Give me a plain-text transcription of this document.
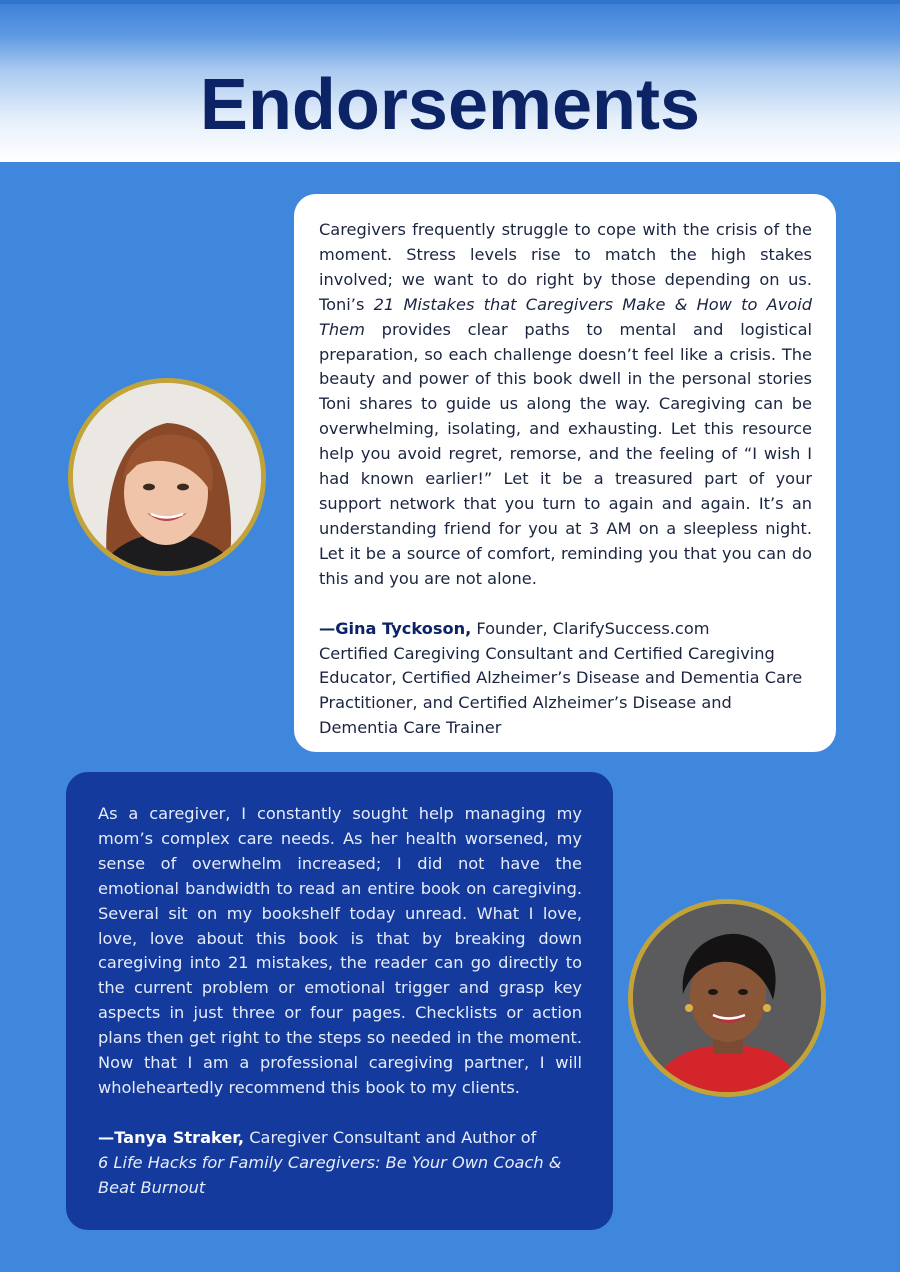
Endorsements

Caregivers frequently struggle to cope with the crisis of the moment. Stress levels rise to match the high stakes involved; we want to do right by those depending on us. Toni’s 21 Mistakes that Caregivers Make & How to Avoid Them provides clear paths to mental and logistical preparation, so each challenge doesn’t feel like a crisis. The beauty and power of this book dwell in the personal stories Toni shares to guide us along the way. Caregiving can be overwhelming, isolating, and exhausting. Let this resource help you avoid regret, remorse, and the feeling of “I wish I had known earlier!” Let it be a treasured part of your support network that you turn to again and again. It’s an understanding friend for you at 3 AM on a sleepless night. Let it be a source of comfort, reminding you that you can do this and you are not alone.

—Gina Tyckoson, Founder, ClarifySuccess.com
Certified Caregiving Consultant and Certified Caregiving Educator, Certified Alzheimer’s Disease and Dementia Care Practitioner, and Certified Alzheimer’s Disease and Dementia Care Trainer

As a caregiver, I constantly sought help managing my mom’s complex care needs. As her health worsened, my sense of overwhelm increased; I did not have the emotional bandwidth to read an entire book on caregiving. Several sit on my bookshelf today unread. What I love, love, love about this book is that by breaking down caregiving into 21 mistakes, the reader can go directly to the current problem or emotional trigger and grasp key aspects in just three or four pages. Checklists or action plans then get right to the steps so needed in the moment. Now that I am a professional caregiving partner, I will wholeheartedly recommend this book to my clients.

—Tanya Straker, Caregiver Consultant and Author of
6 Life Hacks for Family Caregivers: Be Your Own Coach & Beat Burnout
